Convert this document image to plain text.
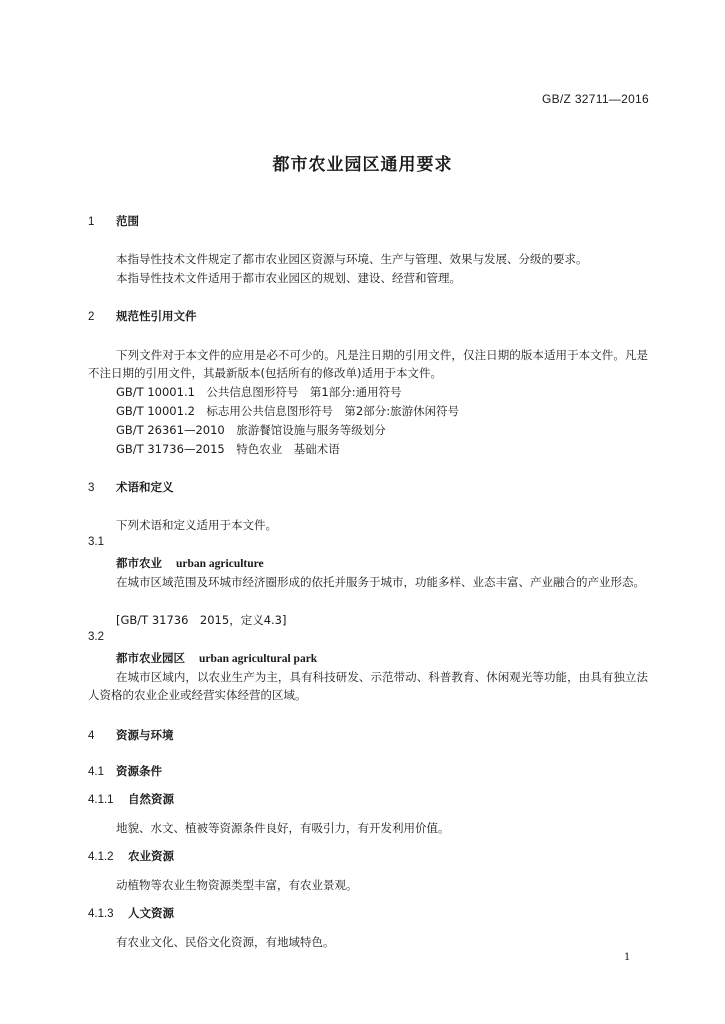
GB/Z 32711—2016
都市农业园区通用要求
1 范围
本指导性技术文件规定了都市农业园区资源与环境、生产与管理、效果与发展、分级的要求。
本指导性技术文件适用于都市农业园区的规划、建设、经营和管理。
2 规范性引用文件
下列文件对于本文件的应用是必不可少的。凡是注日期的引用文件，仅注日期的版本适用于本文件。凡是不注日期的引用文件，其最新版本(包括所有的修改单)适用于本文件。
GB/T 10001.1　公共信息图形符号　第1部分:通用符号
GB/T 10001.2　标志用公共信息图形符号　第2部分:旅游休闲符号
GB/T 26361—2010　旅游餐馆设施与服务等级划分
GB/T 31736—2015　特色农业　基础术语
3 术语和定义
下列术语和定义适用于本文件。
3.1
都市农业 urban agriculture
在城市区域范围及环城市经济圈形成的依托并服务于城市，功能多样、业态丰富、产业融合的产业形态。
[GB/T 31736　2015，定义4.3]
3.2
都市农业园区 urban agricultural park
在城市区域内，以农业生产为主，具有科技研发、示范带动、科普教育、休闲观光等功能，由具有独立法人资格的农业企业或经营实体经营的区域。
4 资源与环境
4.1 资源条件
4.1.1 自然资源
地貌、水文、植被等资源条件良好，有吸引力，有开发利用价值。
4.1.2 农业资源
动植物等农业生物资源类型丰富，有农业景观。
4.1.3 人文资源
有农业文化、民俗文化资源，有地域特色。
1
